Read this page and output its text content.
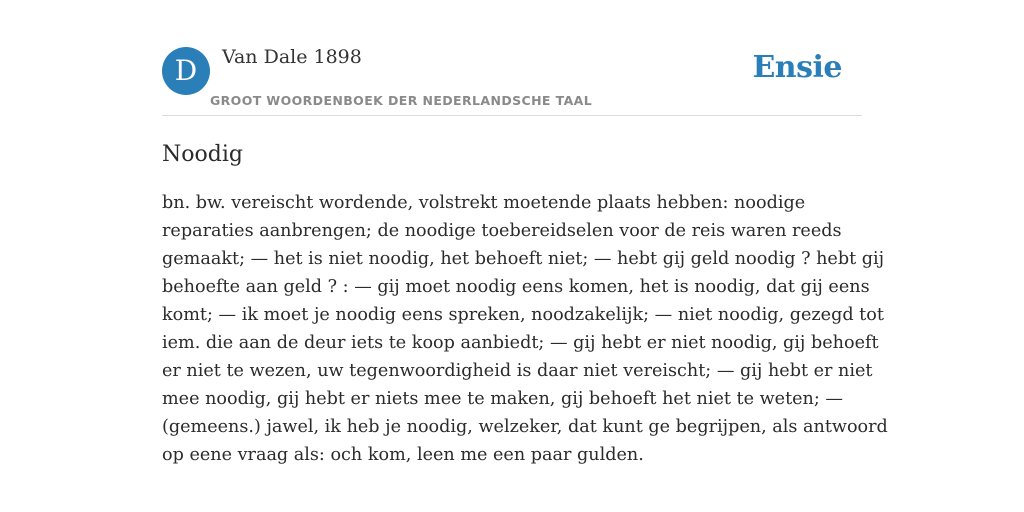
D	Van Dale 1898
GROOT WOORDENBOEK DER NEDERLANDSCHE TAAL
Ensie
Noodig
bn. bw. vereischt wordende, volstrekt moetende plaats hebben: noodige
reparaties aanbrengen; de noodige toebereidselen voor de reis waren reeds
gemaakt; — het is niet noodig, het behoeft niet; — hebt gij geld noodig ? hebt gij
behoefte aan geld ? : — gij moet noodig eens komen, het is noodig, dat gij eens
komt; — ik moet je noodig eens spreken, noodzakelijk; — niet noodig, gezegd tot
iem. die aan de deur iets te koop aanbiedt; — gij hebt er niet noodig, gij behoeft
er niet te wezen, uw tegenwoordigheid is daar niet vereischt; — gij hebt er niet
mee noodig, gij hebt er niets mee te maken, gij behoeft het niet te weten; —
(gemeens.) jawel, ik heb je noodig, welzeker, dat kunt ge begrijpen, als antwoord
op eene vraag als: och kom, leen me een paar gulden.
